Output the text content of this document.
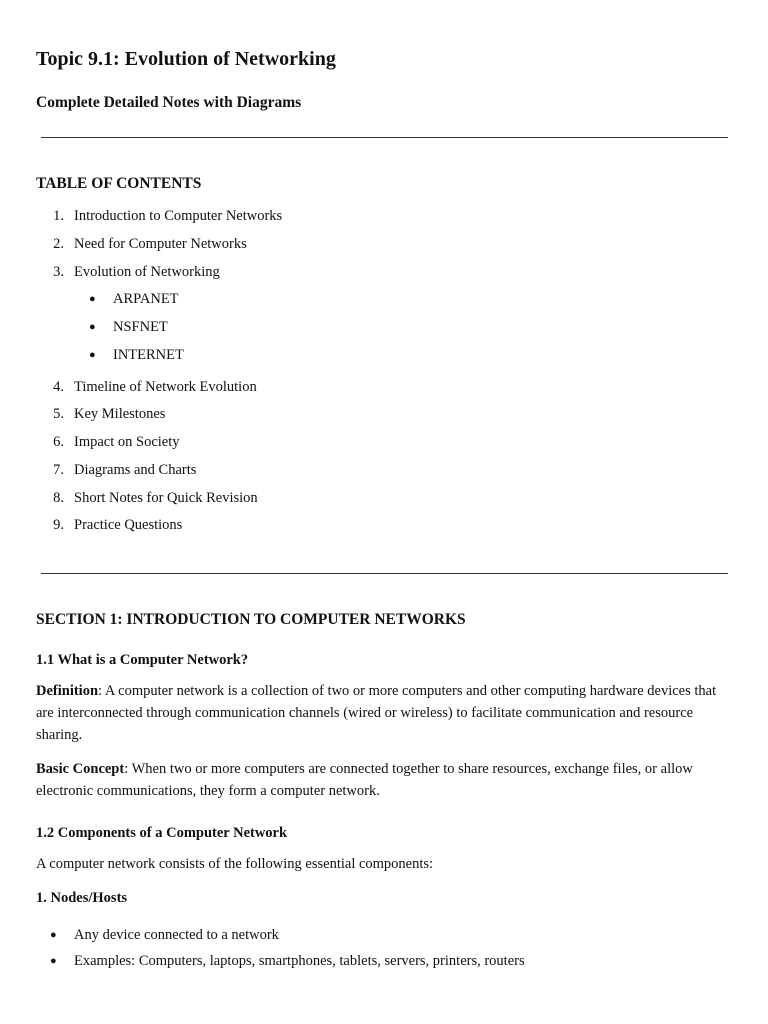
Topic 9.1: Evolution of Networking
Complete Detailed Notes with Diagrams
TABLE OF CONTENTS
1. Introduction to Computer Networks
2. Need for Computer Networks
3. Evolution of Networking
● ARPANET
● NSFNET
● INTERNET
4. Timeline of Network Evolution
5. Key Milestones
6. Impact on Society
7. Diagrams and Charts
8. Short Notes for Quick Revision
9. Practice Questions
SECTION 1: INTRODUCTION TO COMPUTER NETWORKS
1.1 What is a Computer Network?
Definition: A computer network is a collection of two or more computers and other computing hardware devices that are interconnected through communication channels (wired or wireless) to facilitate communication and resource sharing.
Basic Concept: When two or more computers are connected together to share resources, exchange files, or allow electronic communications, they form a computer network.
1.2 Components of a Computer Network
A computer network consists of the following essential components:
1. Nodes/Hosts
● Any device connected to a network
● Examples: Computers, laptops, smartphones, tablets, servers, printers, routers
